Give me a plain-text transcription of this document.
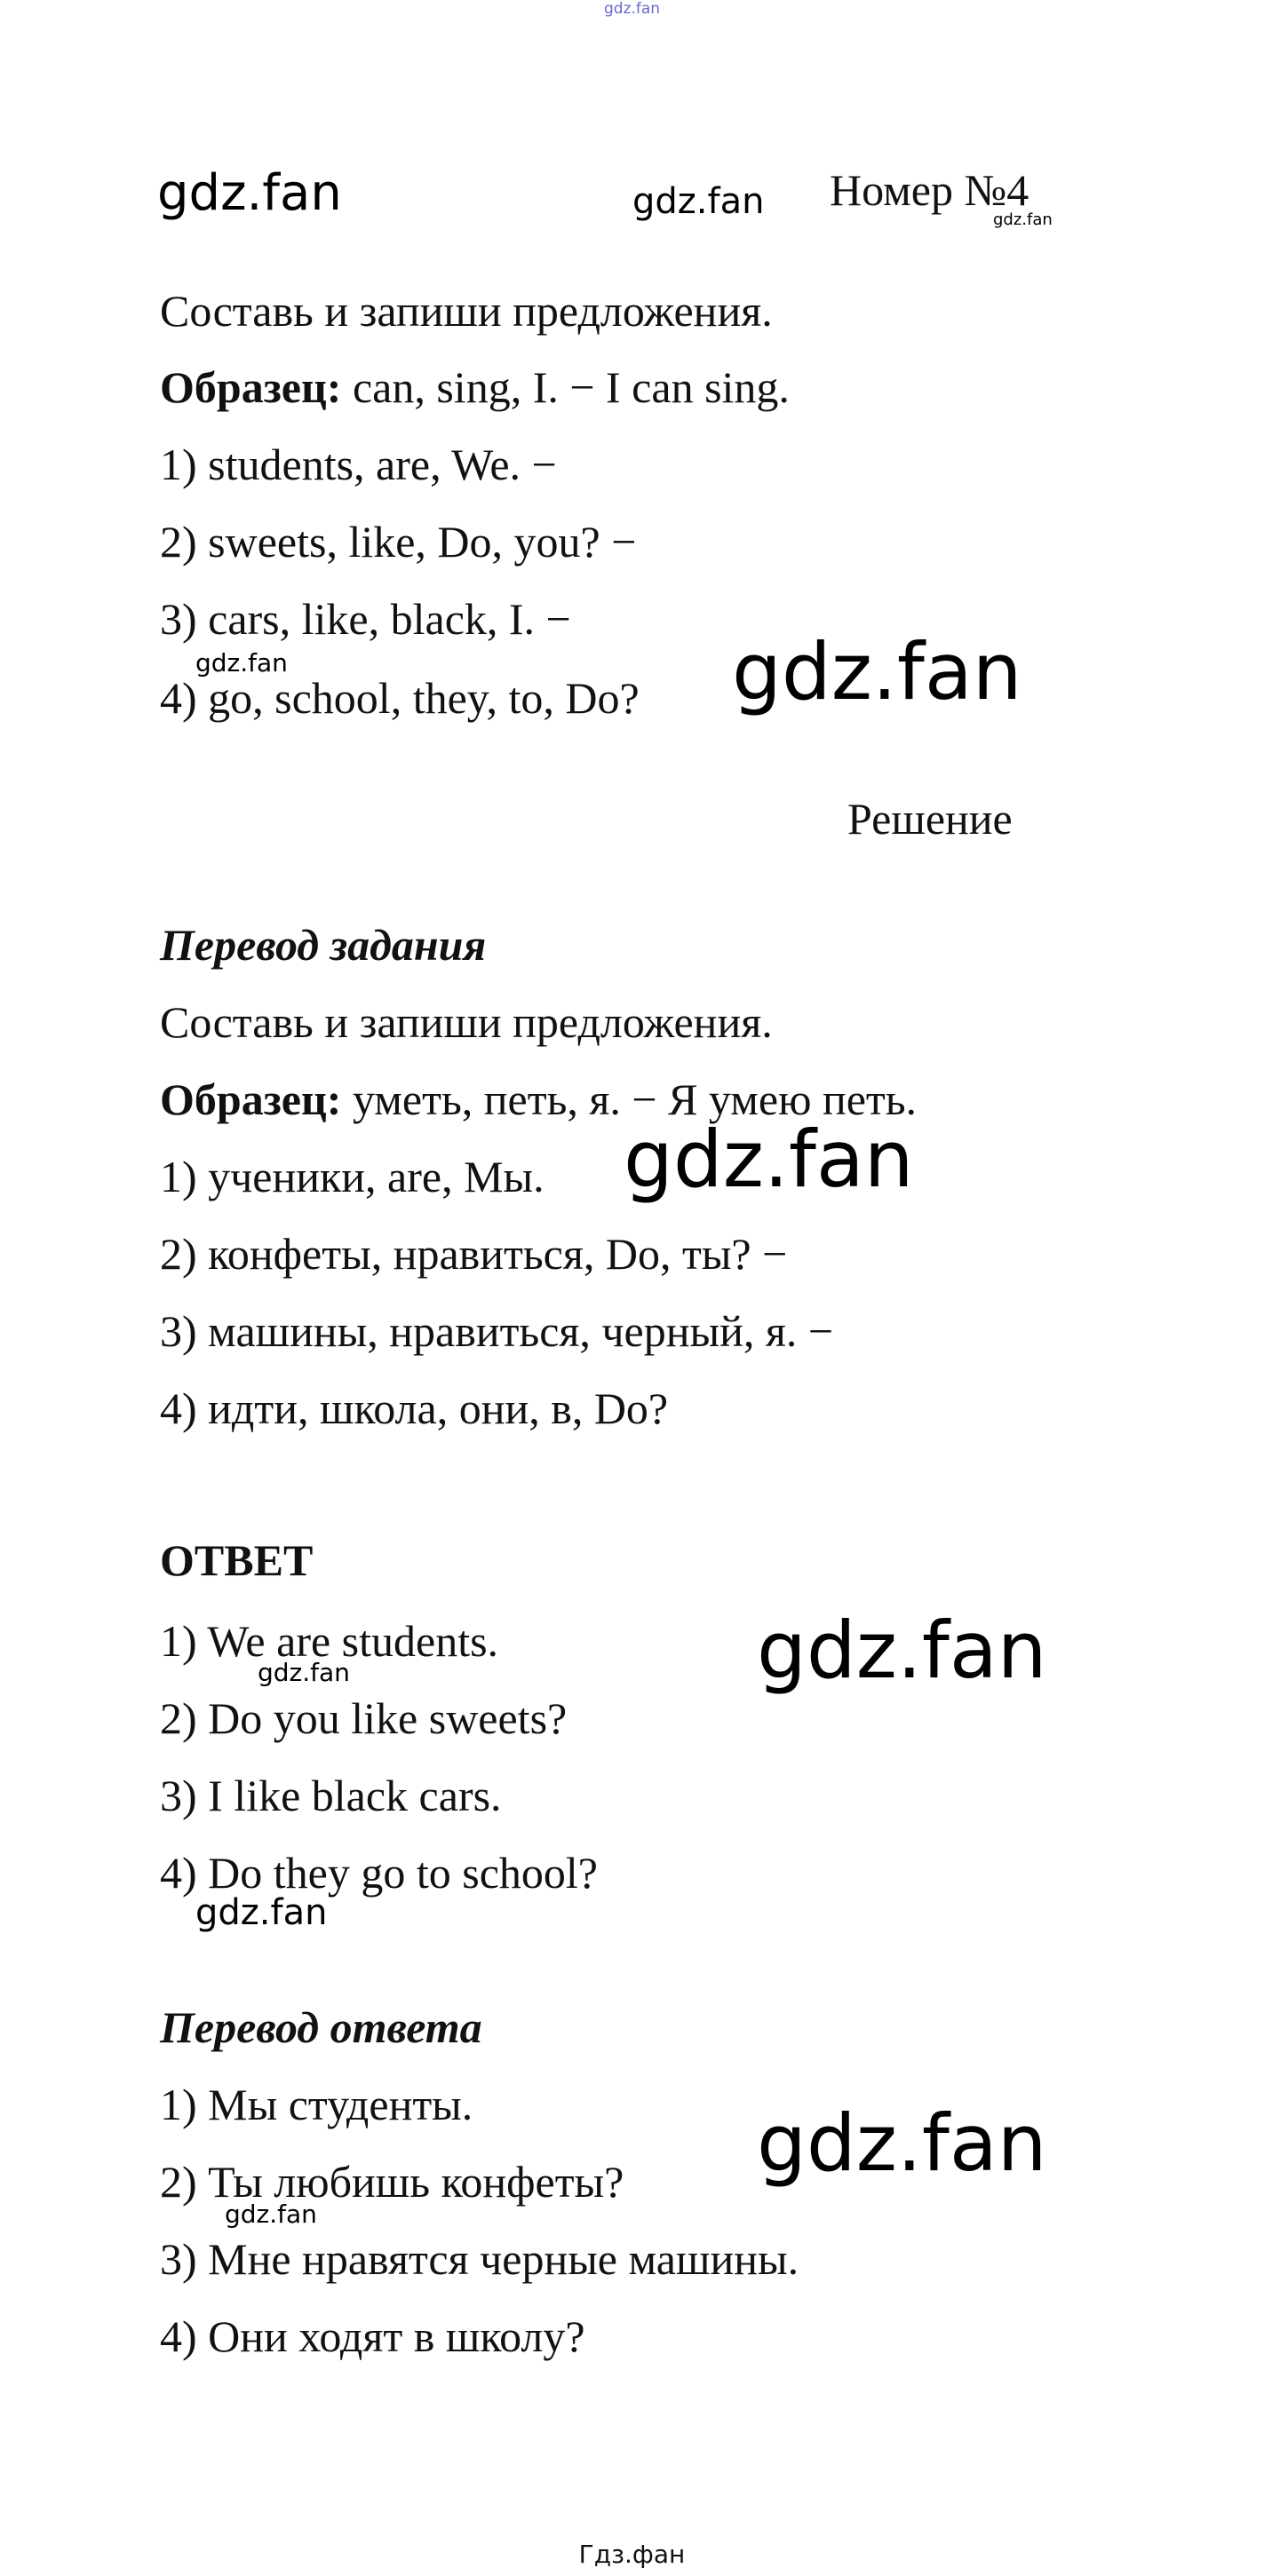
gdz.fan
gdz.fan	gdz.fan Номер №4
gdz.fan
Составь и запиши предложения.
Образец: can, sing, I. − I can sing.
1) students, are, We. −
2) sweets, like, Do, you? −
3) cars, like, black, I. −
gdz.fan
4) go, school, they, to, Do? gdz.fan
Решение
Перевод задания
Составь и запиши предложения.
Образец: уметь, петь, я. − Я умею петь.
1) ученики, are, Мы. gdz.fan
2) конфеты, нравиться, Do, ты? −
3) машины, нравиться, черный, я. −
4) идти, школа, они, в, Do?
ОТВЕТ
1) We are students.
gdz.fan	gdz.fan
2) Do you like sweets?
3) I like black cars.
4) Do they go to school?
gdz.fan
Перевод ответа
1) Мы студенты.	gdz.fan
2) Ты любишь конфеты?
gdz.fan
3) Мне нравятся черные машины.
4) Они ходят в школу?
Гдз.фан
